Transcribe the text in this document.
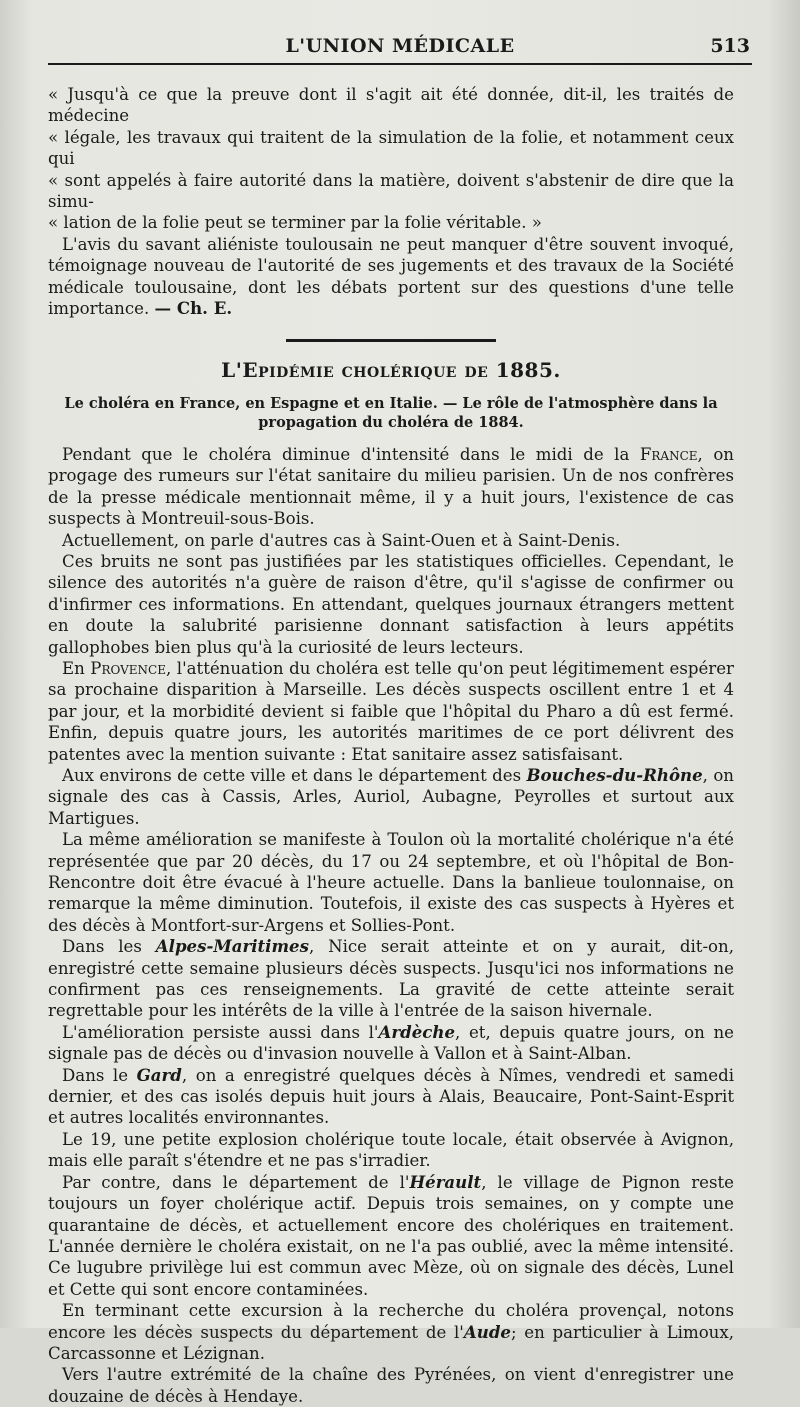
L'UNION MÉDICALE	513

« Jusqu'à ce que la preuve dont il s'agit ait été donnée, dit-il, les traités de médecine

« légale, les travaux qui traitent de la simulation de la folie, et notamment ceux qui

« sont appelés à faire autorité dans la matière, doivent s'abstenir de dire que la simu-

« lation de la folie peut se terminer par la folie véritable. »

L'avis du savant aliéniste toulousain ne peut manquer d'être souvent invoqué, témoignage nouveau de l'autorité de ses jugements et des travaux de la Société médicale toulousaine, dont les débats portent sur des questions d'une telle importance. — Ch. E.

L'Epidémie cholérique de 1885.
Le choléra en France, en Espagne et en Italie. — Le rôle de l'atmosphère dans la propagation du choléra de 1884.

Pendant que le choléra diminue d'intensité dans le midi de la France, on progage des rumeurs sur l'état sanitaire du milieu parisien. Un de nos confrères de la presse médicale mentionnait même, il y a huit jours, l'existence de cas suspects à Montreuil-sous-Bois.

Actuellement, on parle d'autres cas à Saint-Ouen et à Saint-Denis.

Ces bruits ne sont pas justifiées par les statistiques officielles. Cependant, le silence des autorités n'a guère de raison d'être, qu'il s'agisse de confirmer ou d'infirmer ces informations. En attendant, quelques journaux étrangers mettent en doute la salubrité parisienne donnant satisfaction à leurs appétits gallophobes bien plus qu'à la curiosité de leurs lecteurs.

En Provence, l'atténuation du choléra est telle qu'on peut légitimement espérer sa prochaine disparition à Marseille. Les décès suspects oscillent entre 1 et 4 par jour, et la morbidité devient si faible que l'hôpital du Pharo a dû est fermé. Enfin, depuis quatre jours, les autorités maritimes de ce port délivrent des patentes avec la mention suivante : Etat sanitaire assez satisfaisant.

Aux environs de cette ville et dans le département des Bouches-du-Rhône, on signale des cas à Cassis, Arles, Auriol, Aubagne, Peyrolles et surtout aux Martigues.

La même amélioration se manifeste à Toulon où la mortalité cholérique n'a été représentée que par 20 décès, du 17 ou 24 septembre, et où l'hôpital de Bon-Rencontre doit être évacué à l'heure actuelle. Dans la banlieue toulonnaise, on remarque la même diminution. Toutefois, il existe des cas suspects à Hyères et des décès à Montfort-sur-Argens et Sollies-Pont.

Dans les Alpes-Maritimes, Nice serait atteinte et on y aurait, dit-on, enregistré cette semaine plusieurs décès suspects. Jusqu'ici nos informations ne confirment pas ces renseignements. La gravité de cette atteinte serait regrettable pour les intérêts de la ville à l'entrée de la saison hivernale.

L'amélioration persiste aussi dans l'Ardèche, et, depuis quatre jours, on ne signale pas de décès ou d'invasion nouvelle à Vallon et à Saint-Alban.

Dans le Gard, on a enregistré quelques décès à Nîmes, vendredi et samedi dernier, et des cas isolés depuis huit jours à Alais, Beaucaire, Pont-Saint-Esprit et autres localités environnantes.

Le 19, une petite explosion cholérique toute locale, était observée à Avignon, mais elle paraît s'étendre et ne pas s'irradier.

Par contre, dans le département de l'Hérault, le village de Pignon reste toujours un foyer cholérique actif. Depuis trois semaines, on y compte une quarantaine de décès, et actuellement encore des cholériques en traitement. L'année dernière le choléra existait, on ne l'a pas oublié, avec la même intensité. Ce lugubre privilège lui est commun avec Mèze, où on signale des décès, Lunel et Cette qui sont encore contaminées.

En terminant cette excursion à la recherche du choléra provençal, notons encore les décès suspects du département de l'Aude; en particulier à Limoux, Carcassonne et Lézignan.

Vers l'autre extrémité de la chaîne des Pyrénées, on vient d'enregistrer une douzaine de décès à Hendaye.
